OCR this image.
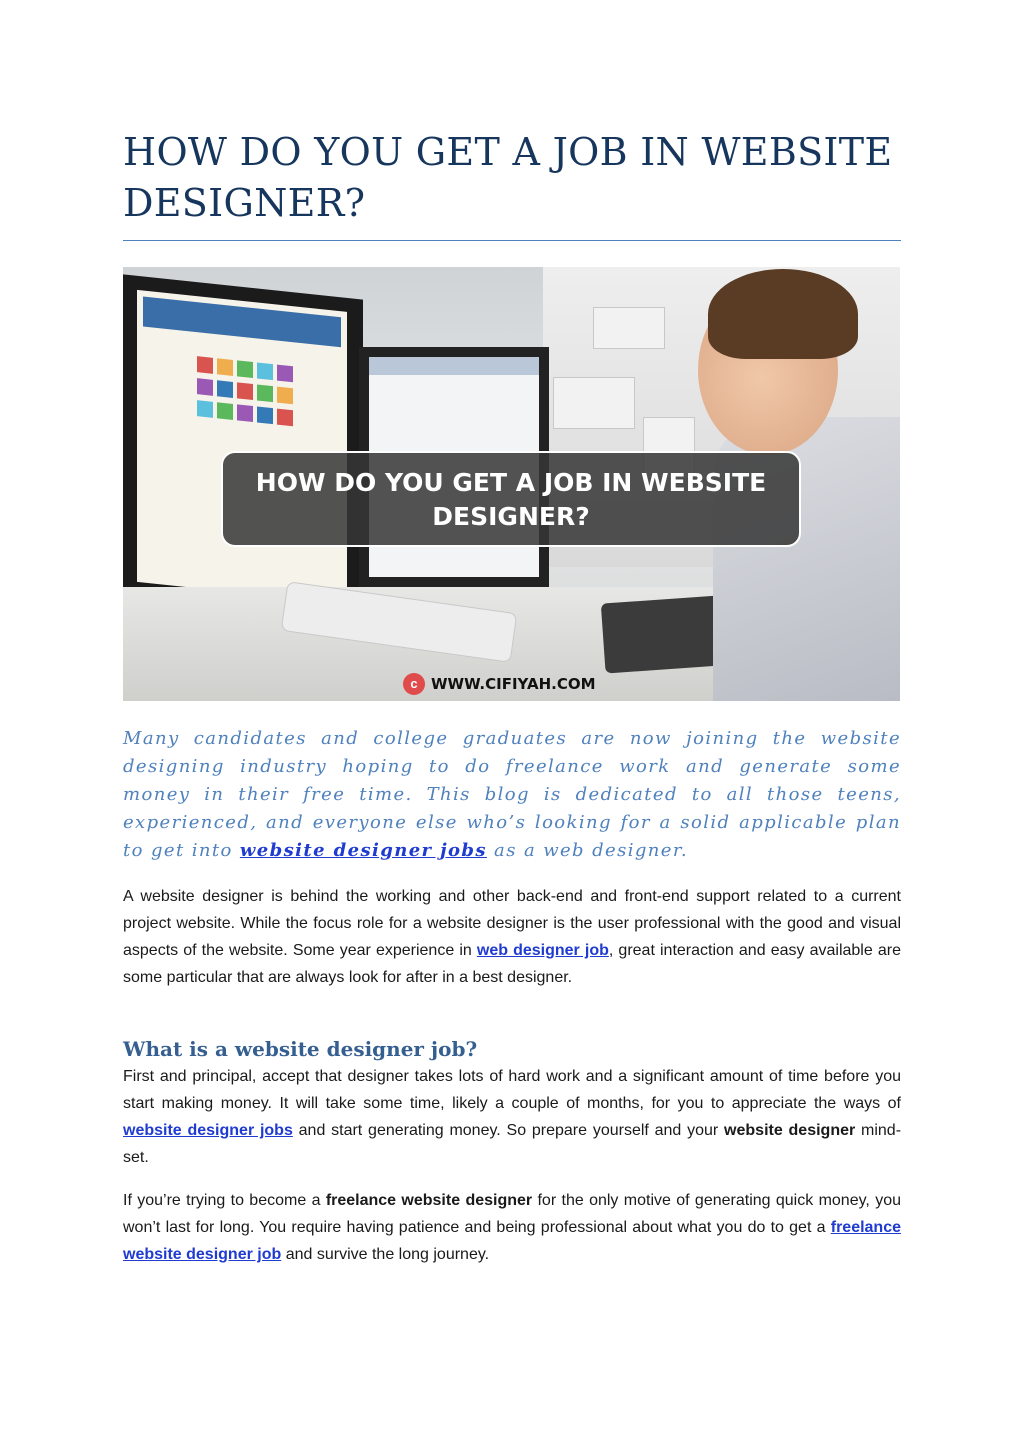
HOW DO YOU GET A JOB IN WEBSITE DESIGNER?
HOW DO YOU GET A JOB IN WEBSITE
DESIGNER?
c WWW.CIFIYAH.COM

Many candidates and college graduates are now joining the website designing industry hoping to do freelance work and generate some money in their free time. This blog is dedicated to all those teens, experienced, and everyone else who’s looking for a solid applicable plan to get into website designer jobs as a web designer.

A website designer is behind the working and other back-end and front-end support related to a current project website. While the focus role for a website designer is the user professional with the good and visual aspects of the website. Some year experience in web designer job, great interaction and easy available are some particular that are always look for after in a best designer.

What is a website designer job?

First and principal, accept that designer takes lots of hard work and a significant amount of time before you start making money. It will take some time, likely a couple of months, for you to appreciate the ways of website designer jobs and start generating money. So prepare yourself and your website designer mind-set.

If you’re trying to become a freelance website designer for the only motive of generating quick money, you won’t last for long. You require having patience and being professional about what you do to get a freelance website designer job and survive the long journey.
